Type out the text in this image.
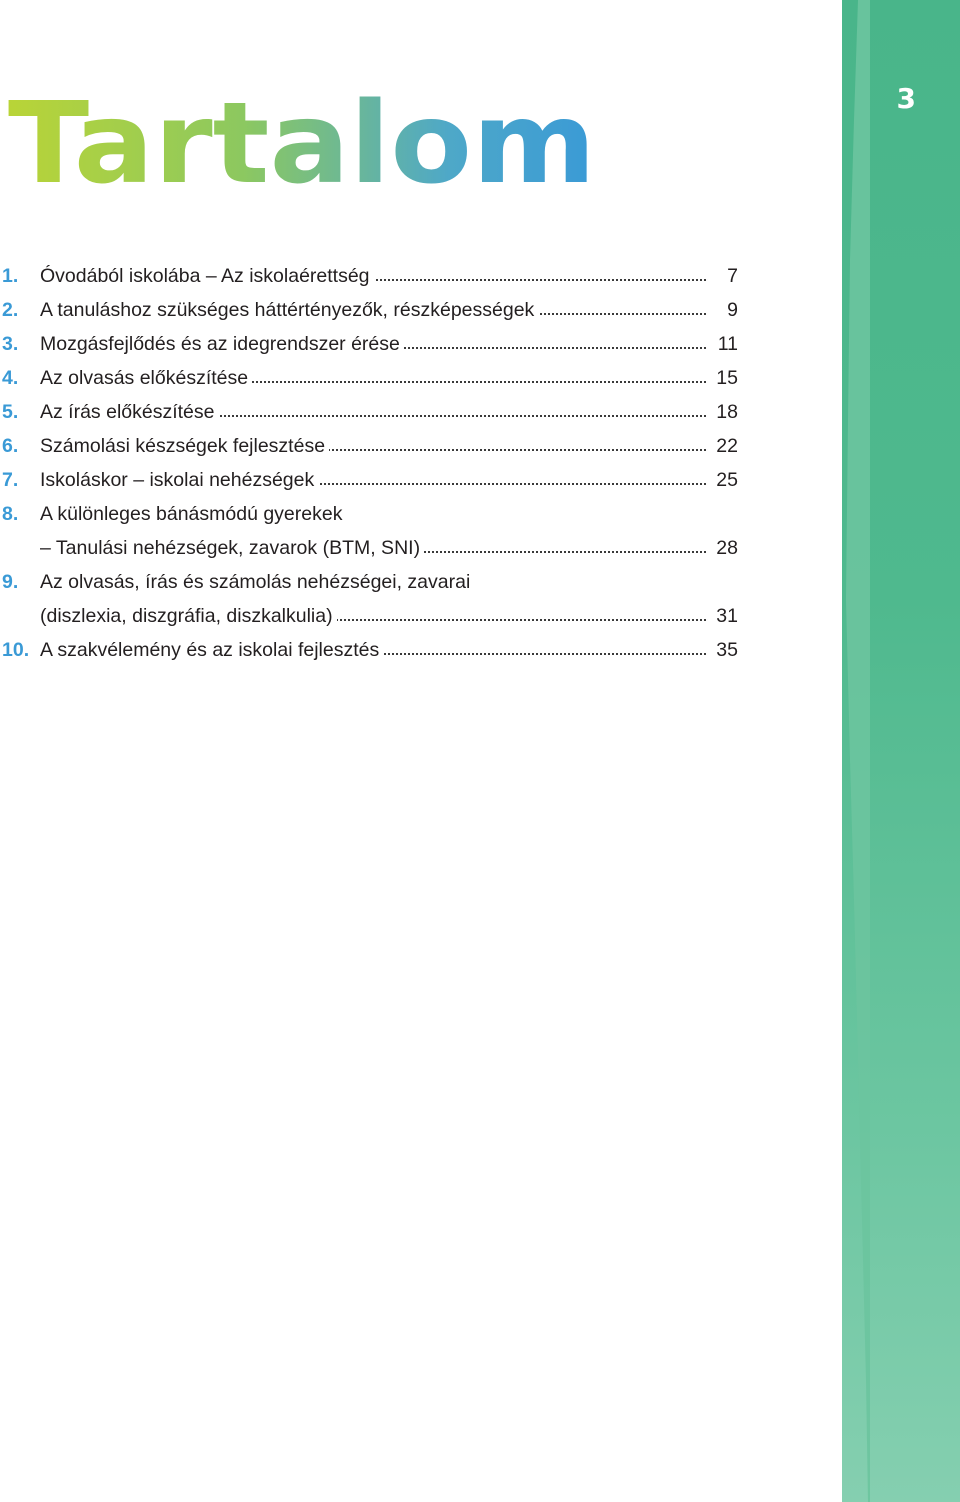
3
Tartalom
1.	Óvodából iskolába – Az iskolaérettség	7
2.	A tanuláshoz szükséges háttértényezők, részképességek	9
3.	Mozgásfejlődés és az idegrendszer érése	11
4.	Az olvasás előkészítése	15
5.	Az írás előkészítése	18
6.	Számolási készségek fejlesztése	22
7.	Iskoláskor – iskolai nehézségek	25
8.	A különleges bánásmódú gyerekek
– Tanulási nehézségek, zavarok (BTM, SNI)	28
9.	Az olvasás, írás és számolás nehézségei, zavarai
(diszlexia, diszgráfia, diszkalkulia)	31
10. A szakvélemény és az iskolai fejlesztés	35
